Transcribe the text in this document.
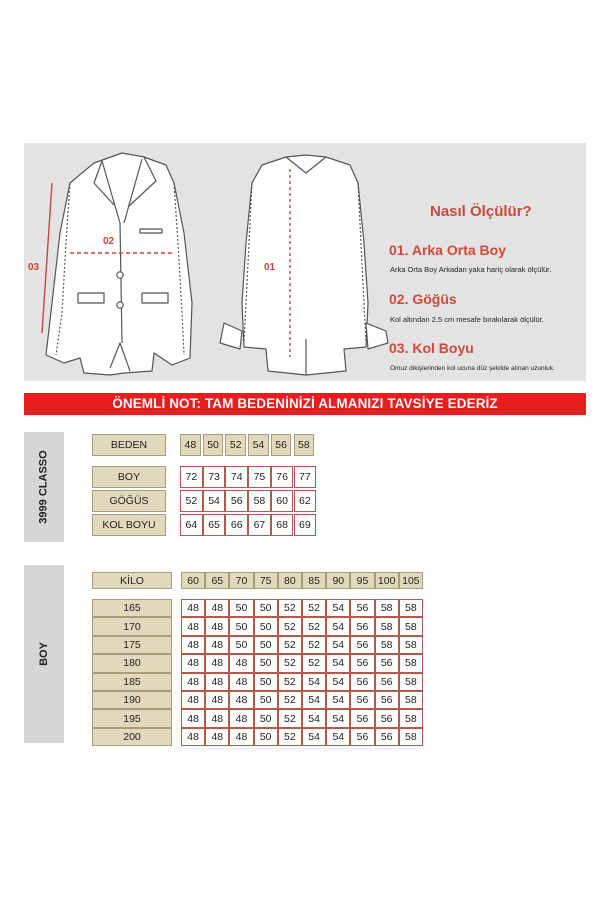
02
03	01
Nasıl Ölçülür?
01. Arka Orta Boy
Arka Orta Boy Arkadan yaka hariç olarak ölçülür.
02. Göğüs
Kol altından 2,5 cm mesafe bırakılarak ölçülür.
03. Kol Boyu
Omuz dikişlerinden kol ucuna düz şekilde alınan uzunluk.
ÖNEMLİ NOT: TAM BEDENİNİZİ ALMANIZI TAVSİYE EDERİZ
3999 CLASSO
BEDEN	48	50	52	54	56	58
BOY	72	73	74	75	76	77
GÖĞÜS	52	54	56	58	60	62
KOL BOYU	64	65	66	67	68	69
BOY
KİLO	60	65	70	75	80	85	90	95 100 105
165	48	48	50	50	52	52	54	56	58	58
170	48	48	50	50	52	52	54	56	58	58
175	48	48	50	50	52	52	54	56	58	58
180	48	48	48	50	52	52	54	56	56	58
185	48	48	48	50	52	54	54	56	56	58
190	48	48	48	50	52	54	54	56	56	58
195	48	48	48	50	52	54	54	56	56	58
200	48	48	48	50	52	54	54	56	56	58
